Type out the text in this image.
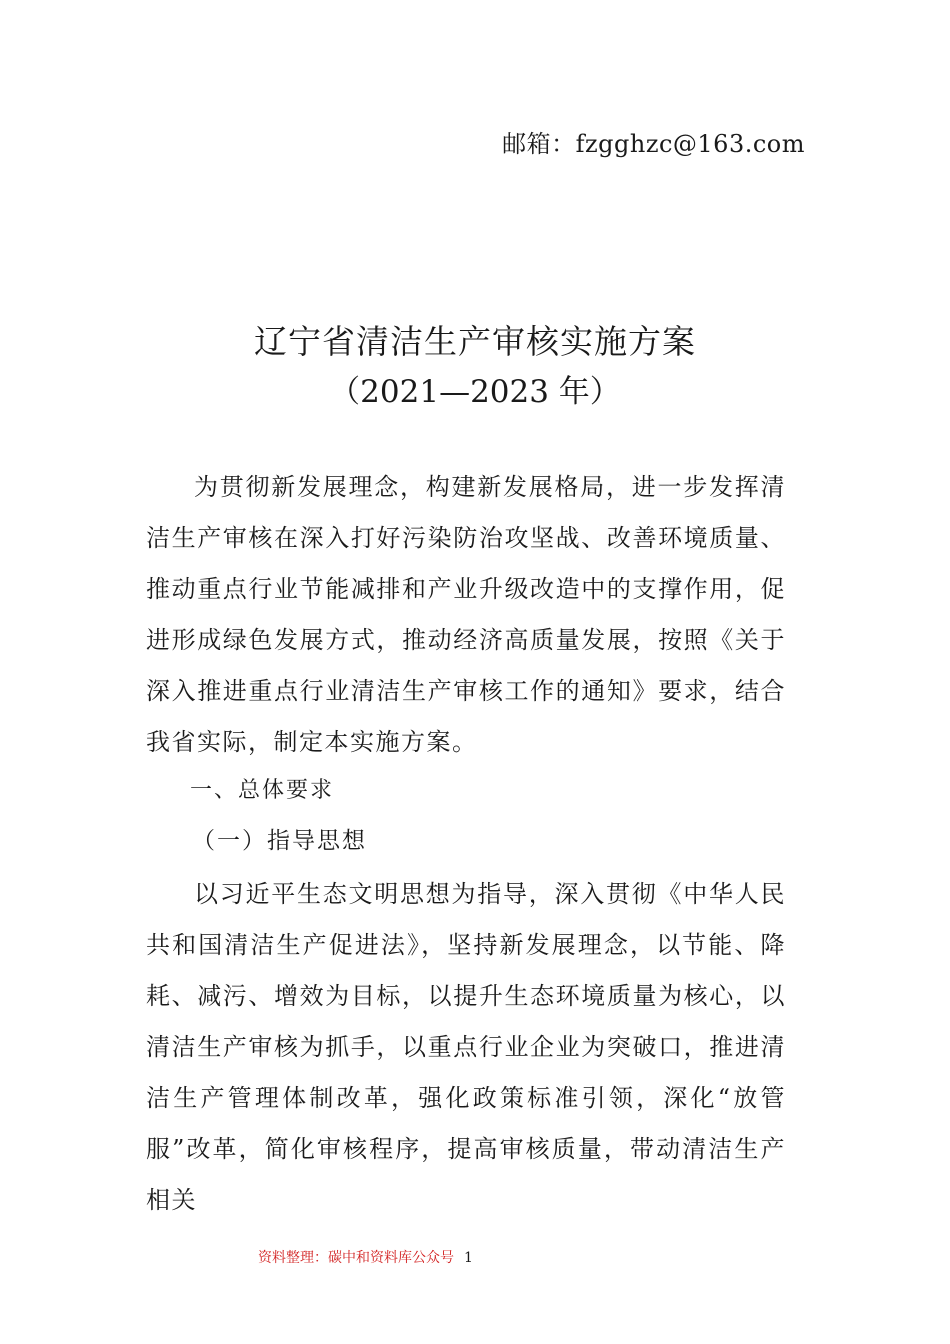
邮箱：fzgghzc@163.com
辽宁省清洁生产审核实施方案
（2021—2023 年）

为贯彻新发展理念，构建新发展格局，进一步发挥清洁生产审核在深入打好污染防治攻坚战、改善环境质量、推动重点行业节能减排和产业升级改造中的支撑作用，促进形成绿色发展方式，推动经济高质量发展，按照《关于深入推进重点行业清洁生产审核工作的通知》要求，结合我省实际，制定本实施方案。

一、总体要求

（一）指导思想

以习近平生态文明思想为指导，深入贯彻《中华人民共和国清洁生产促进法》，坚持新发展理念，以节能、降耗、减污、增效为目标，以提升生态环境质量为核心，以清洁生产审核为抓手，以重点行业企业为突破口，推进清洁生产管理体制改革，强化政策标准引领，深化“放管服”改革，简化审核程序，提高审核质量，带动清洁生产相关

资料整理：碳中和资料库公众号 1
